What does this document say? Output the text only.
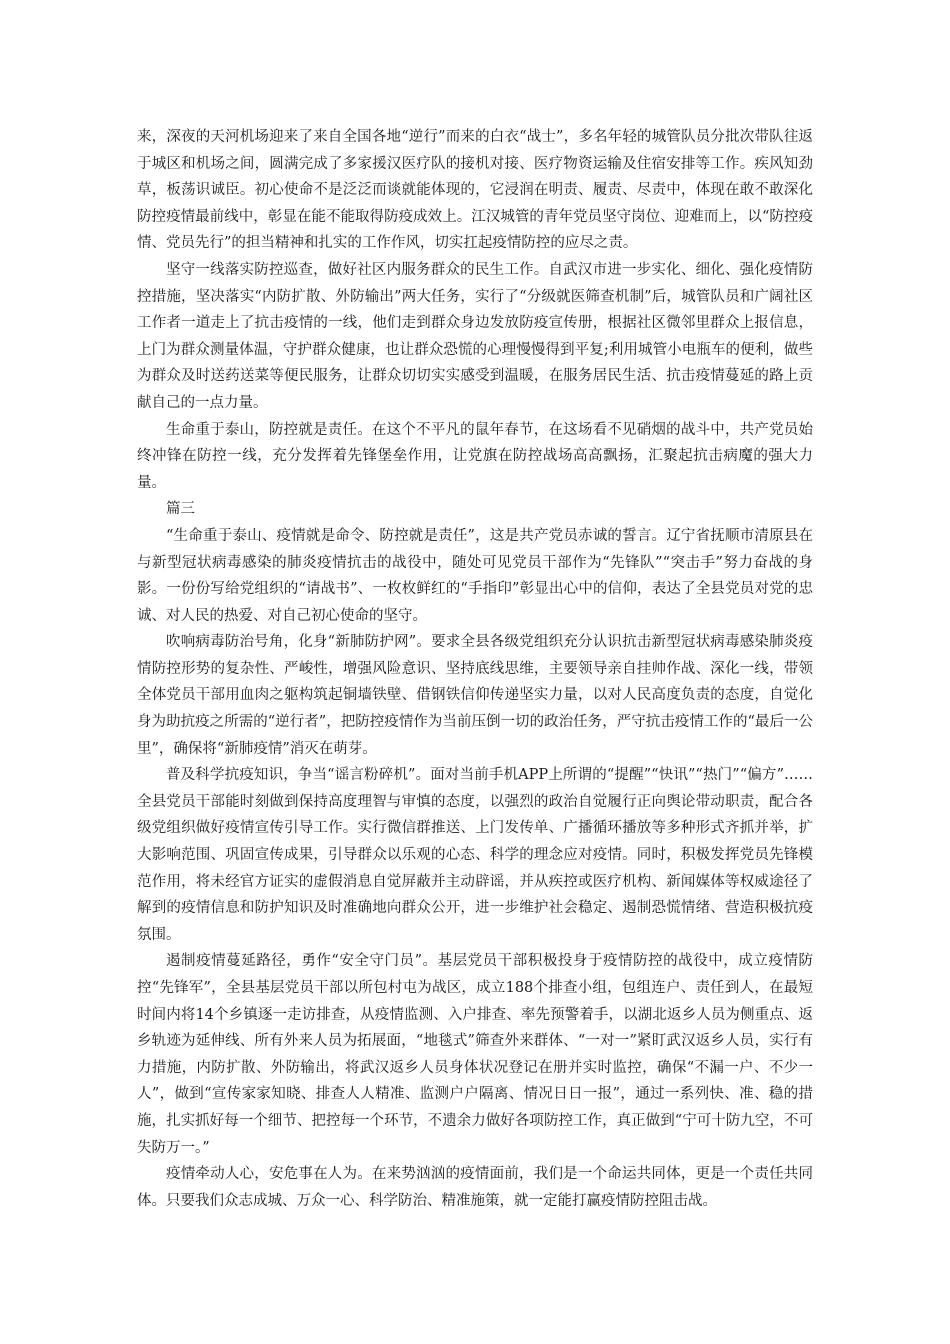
来，深夜的天河机场迎来了来自全国各地“逆行”而来的白衣“战士”，多名年轻的城管队员分批次带队往返于城区和机场之间，圆满完成了多家援汉医疗队的接机对接、医疗物资运输及住宿安排等工作。疾风知劲草，板荡识诚臣。初心使命不是泛泛而谈就能体现的，它浸润在明责、履责、尽责中，体现在敢不敢深化防控疫情最前线中，彰显在能不能取得防疫成效上。江汉城管的青年党员坚守岗位、迎难而上，以“防控疫情、党员先行”的担当精神和扎实的工作作风，切实扛起疫情防控的应尽之责。

坚守一线落实防控巡查，做好社区内服务群众的民生工作。自武汉市进一步实化、细化、强化疫情防控措施，坚决落实“内防扩散、外防输出”两大任务，实行了“分级就医筛查机制”后，城管队员和广阔社区工作者一道走上了抗击疫情的一线，他们走到群众身边发放防疫宣传册，根据社区微邻里群众上报信息，上门为群众测量体温，守护群众健康，也让群众恐慌的心理慢慢得到平复;利用城管小电瓶车的便利，做些为群众及时送药送菜等便民服务，让群众切切实实感受到温暖，在服务居民生活、抗击疫情蔓延的路上贡献自己的一点力量。

生命重于泰山，防控就是责任。在这个不平凡的鼠年春节，在这场看不见硝烟的战斗中，共产党员始终冲锋在防控一线，充分发挥着先锋堡垒作用，让党旗在防控战场高高飘扬，汇聚起抗击病魔的强大力量。

篇三

“生命重于泰山、疫情就是命令、防控就是责任”，这是共产党员赤诚的誓言。辽宁省抚顺市清原县在与新型冠状病毒感染的肺炎疫情抗击的战役中，随处可见党员干部作为“先锋队”“突击手”努力奋战的身影。一份份写给党组织的“请战书”、一枚枚鲜红的“手指印”彰显出心中的信仰，表达了全县党员对党的忠诚、对人民的热爱、对自己初心使命的坚守。

吹响病毒防治号角，化身“新肺防护网”。要求全县各级党组织充分认识抗击新型冠状病毒感染肺炎疫情防控形势的复杂性、严峻性，增强风险意识、坚持底线思维，主要领导亲自挂帅作战、深化一线，带领全体党员干部用血肉之躯构筑起铜墙铁壁、借钢铁信仰传递坚实力量，以对人民高度负责的态度，自觉化身为助抗疫之所需的“逆行者”，把防控疫情作为当前压倒一切的政治任务，严守抗击疫情工作的“最后一公里”，确保将“新肺疫情”消灭在萌芽。

普及科学抗疫知识，争当“谣言粉碎机”。面对当前手机APP上所谓的“提醒”“快讯”“热门”“偏方”……全县党员干部能时刻做到保持高度理智与审慎的态度，以强烈的政治自觉履行正向舆论带动职责，配合各级党组织做好疫情宣传引导工作。实行微信群推送、上门发传单、广播循环播放等多种形式齐抓并举，扩大影响范围、巩固宣传成果，引导群众以乐观的心态、科学的理念应对疫情。同时，积极发挥党员先锋模范作用，将未经官方证实的虚假消息自觉屏蔽并主动辟谣，并从疾控或医疗机构、新闻媒体等权威途径了解到的疫情信息和防护知识及时准确地向群众公开，进一步维护社会稳定、遏制恐慌情绪、营造积极抗疫氛围。

遏制疫情蔓延路径，勇作“安全守门员”。基层党员干部积极投身于疫情防控的战役中，成立疫情防控“先锋军”，全县基层党员干部以所包村屯为战区，成立188个排查小组，包组连户、责任到人，在最短时间内将14个乡镇逐一走访排查，从疫情监测、入户排查、率先预警着手，以湖北返乡人员为侧重点、返乡轨迹为延伸线、所有外来人员为拓展面，“地毯式”筛查外来群体、“一对一”紧盯武汉返乡人员，实行有力措施，内防扩散、外防输出，将武汉返乡人员身体状况登记在册并实时监控，确保“不漏一户、不少一人”，做到“宣传家家知晓、排查人人精准、监测户户隔离、情况日日一报”，通过一系列快、准、稳的措施，扎实抓好每一个细节、把控每一个环节，不遗余力做好各项防控工作，真正做到“宁可十防九空，不可失防万一。”

疫情牵动人心，安危事在人为。在来势汹汹的疫情面前，我们是一个命运共同体，更是一个责任共同体。只要我们众志成城、万众一心、科学防治、精准施策，就一定能打赢疫情防控阻击战。
